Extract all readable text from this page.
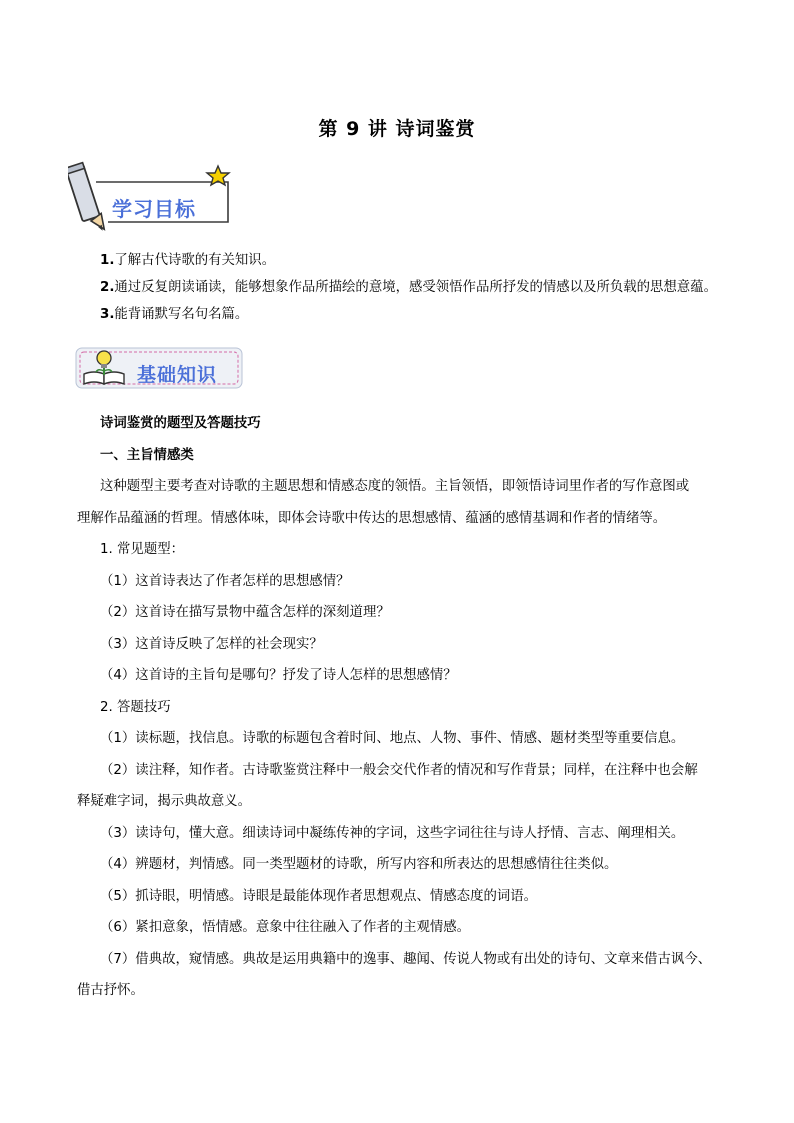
第 9 讲 诗词鉴赏
学习目标
1.了解古代诗歌的有关知识。
2.通过反复朗读诵读，能够想象作品所描绘的意境，感受领悟作品所抒发的情感以及所负载的思想意蕴。
3.能背诵默写名句名篇。
基础知识
诗词鉴赏的题型及答题技巧
一、主旨情感类
这种题型主要考查对诗歌的主题思想和情感态度的领悟。主旨领悟，即领悟诗词里作者的写作意图或
理解作品蕴涵的哲理。情感体味，即体会诗歌中传达的思想感情、蕴涵的感情基调和作者的情绪等。
1. 常见题型：
（1）这首诗表达了作者怎样的思想感情？
（2）这首诗在描写景物中蕴含怎样的深刻道理？
（3）这首诗反映了怎样的社会现实？
（4）这首诗的主旨句是哪句？抒发了诗人怎样的思想感情？
2. 答题技巧
（1）读标题，找信息。诗歌的标题包含着时间、地点、人物、事件、情感、题材类型等重要信息。
（2）读注释，知作者。古诗歌鉴赏注释中一般会交代作者的情况和写作背景；同样，在注释中也会解
释疑难字词，揭示典故意义。
（3）读诗句，懂大意。细读诗词中凝练传神的字词，这些字词往往与诗人抒情、言志、阐理相关。
（4）辨题材，判情感。同一类型题材的诗歌，所写内容和所表达的思想感情往往类似。
（5）抓诗眼，明情感。诗眼是最能体现作者思想观点、情感态度的词语。
（6）紧扣意象，悟情感。意象中往往融入了作者的主观情感。
（7）借典故，窥情感。典故是运用典籍中的逸事、趣闻、传说人物或有出处的诗句、文章来借古讽今、
借古抒怀。
